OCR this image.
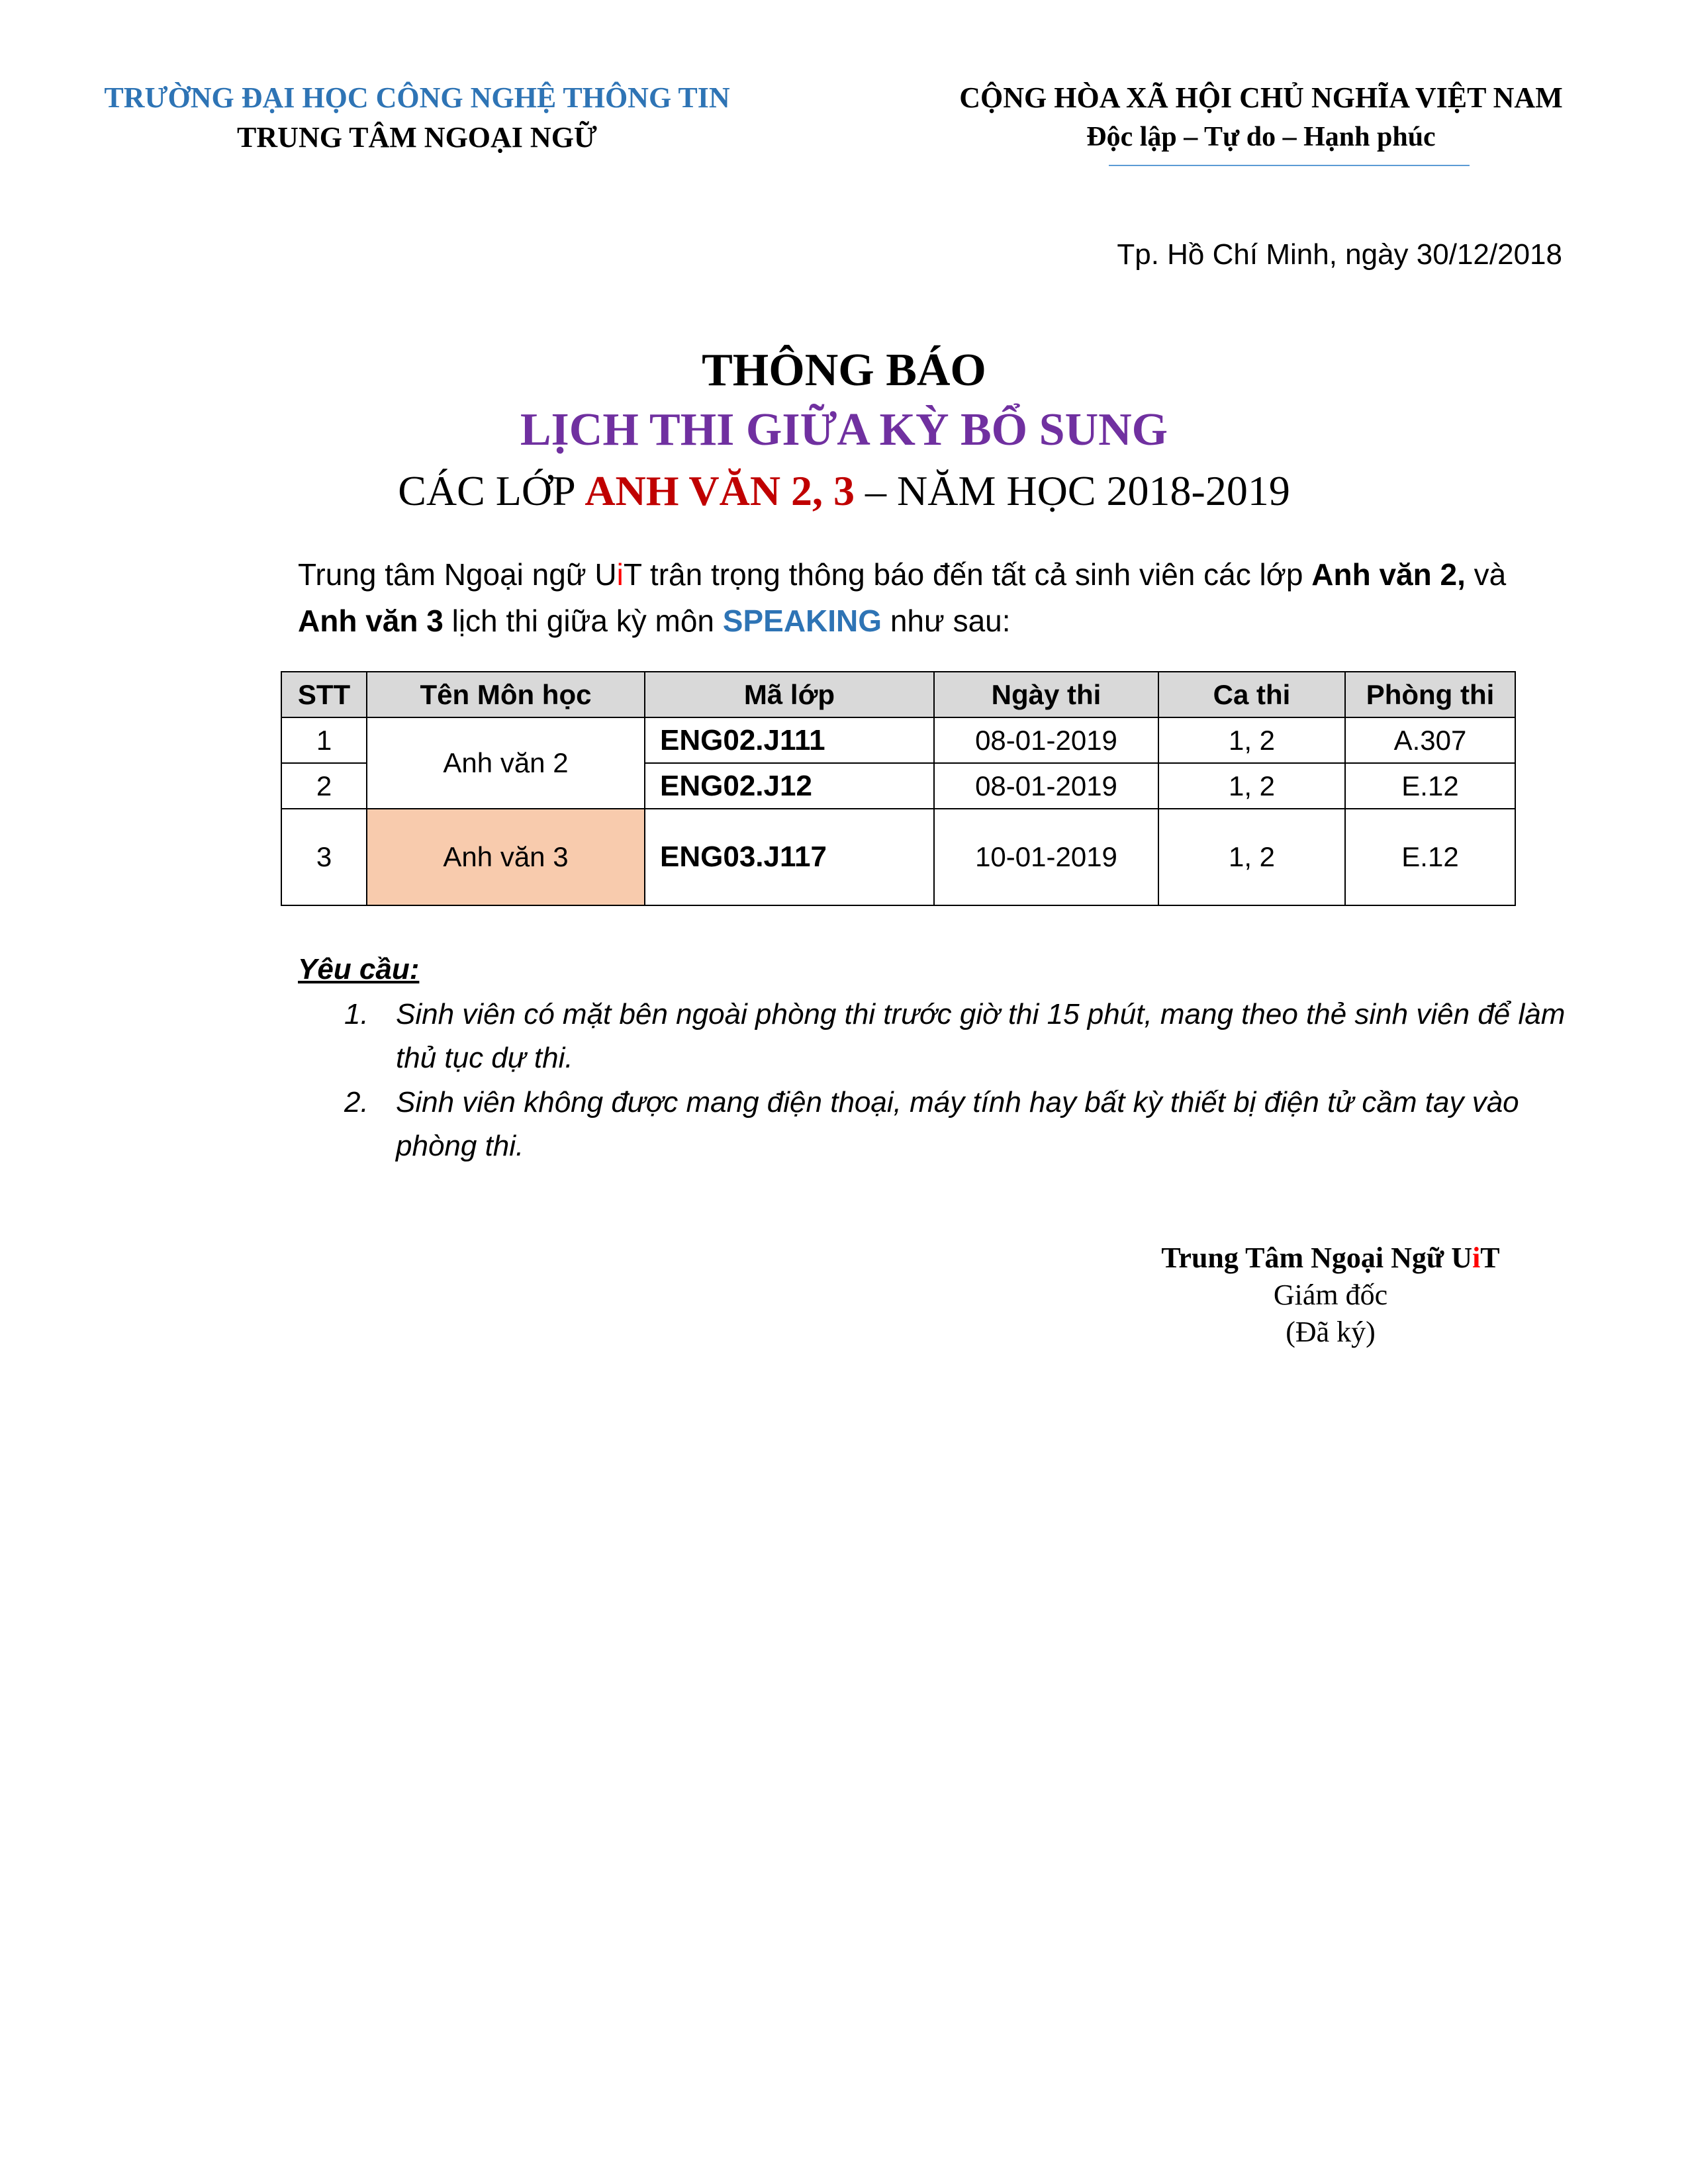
TRƯỜNG ĐẠI HỌC CÔNG NGHỆ THÔNG TIN
TRUNG TÂM NGOẠI NGỮ
CỘNG HÒA XÃ HỘI CHỦ NGHĨA VIỆT NAM
Độc lập – Tự do – Hạnh phúc
Tp. Hồ Chí Minh, ngày 30/12/2018
THÔNG BÁO
LỊCH THI GIỮA KỲ BỔ SUNG
CÁC LỚP ANH VĂN 2, 3 – NĂM HỌC 2018-2019
Trung tâm Ngoại ngữ UiT trân trọng thông báo đến tất cả sinh viên các lớp Anh văn 2, và Anh văn 3 lịch thi giữa kỳ môn SPEAKING như sau:
STT	Tên Môn học	Mã lớp	Ngày thi	Ca thi	Phòng thi
1	Anh văn 2	ENG02.J111	08-01-2019	1, 2	A.307
2		ENG02.J12	08-01-2019	1, 2	E.12
3	Anh văn 3	ENG03.J117	10-01-2019	1, 2	E.12
Yêu cầu:
1. Sinh viên có mặt bên ngoài phòng thi trước giờ thi 15 phút, mang theo thẻ sinh viên để làm thủ tục dự thi.
2. Sinh viên không được mang điện thoại, máy tính hay bất kỳ thiết bị điện tử cầm tay vào phòng thi.
Trung Tâm Ngoại Ngữ UiT
Giám đốc
(Đã ký)
